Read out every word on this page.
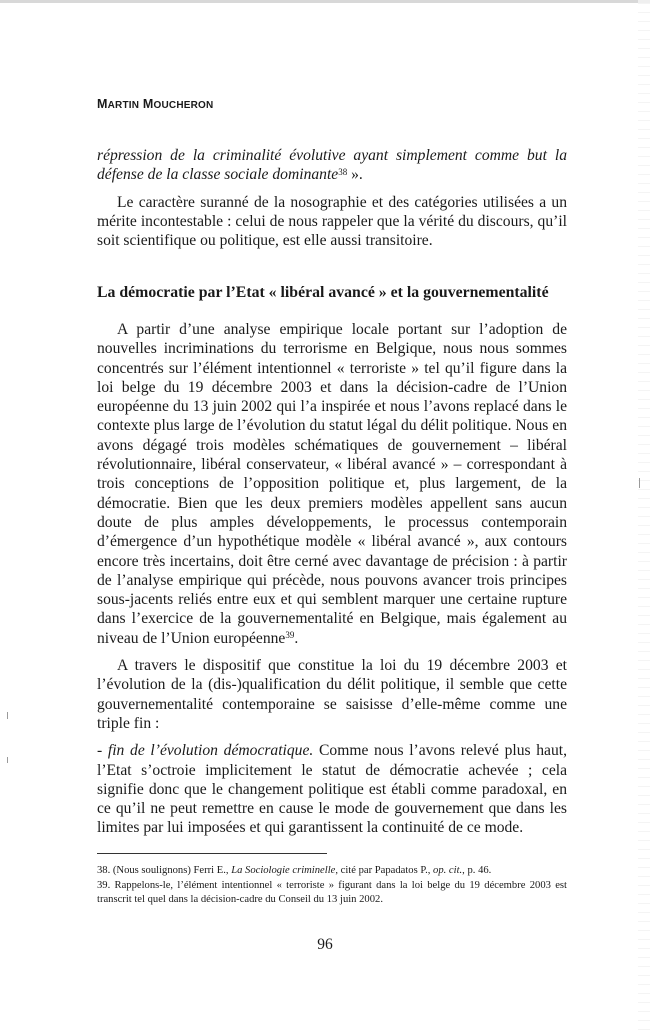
MARTIN MOUCHERON

répression de la criminalité évolutive ayant simplement comme but la défense de la classe sociale dominante$^{38}$ ».

Le caractère suranné de la nosographie et des catégories utilisées a un mérite incontestable : celui de nous rappeler que la vérité du discours, qu’il soit scientifique ou politique, est elle aussi transitoire.

La démocratie par l’Etat « libéral avancé » et la gouvernementalité

A partir d’une analyse empirique locale portant sur l’adoption de nouvelles incriminations du terrorisme en Belgique, nous nous sommes concentrés sur l’élément intentionnel « terroriste » tel qu’il figure dans la loi belge du 19 décembre 2003 et dans la décision-cadre de l’Union européenne du 13 juin 2002 qui l’a inspirée et nous l’avons replacé dans le contexte plus large de l’évolution du statut légal du délit politique. Nous en avons dégagé trois modèles schématiques de gouvernement – libéral révolutionnaire, libéral conservateur, « libéral avancé » – correspondant à trois conceptions de l’opposition politique et, plus largement, de la démocratie. Bien que les deux premiers modèles appellent sans aucun doute de plus amples développements, le processus contemporain d’émergence d’un hypothétique modèle « libéral avancé », aux contours encore très incertains, doit être cerné avec davantage de précision : à partir de l’analyse empirique qui précède, nous pouvons avancer trois principes sous-jacents reliés entre eux et qui semblent marquer une certaine rupture dans l’exercice de la gouvernementalité en Belgique, mais également au niveau de l’Union européenne$^{39}$.

A travers le dispositif que constitue la loi du 19 décembre 2003 et l’évolution de la (dis-)qualification du délit politique, il semble que cette gouvernementalité contemporaine se saisisse d’elle-même comme une triple fin :

- fin de l’évolution démocratique. Comme nous l’avons relevé plus haut, l’Etat s’octroie implicitement le statut de démocratie achevée ; cela signifie donc que le changement politique est établi comme paradoxal, en ce qu’il ne peut remettre en cause le mode de gouvernement que dans les limites par lui imposées et qui garantissent la continuité de ce mode.

38. (Nous soulignons) Ferri E., La Sociologie criminelle, cité par Papadatos P., op. cit., p. 46.

39. Rappelons-le, l’élément intentionnel « terroriste » figurant dans la loi belge du 19 décembre 2003 est transcrit tel quel dans la décision-cadre du Conseil du 13 juin 2002.

96
